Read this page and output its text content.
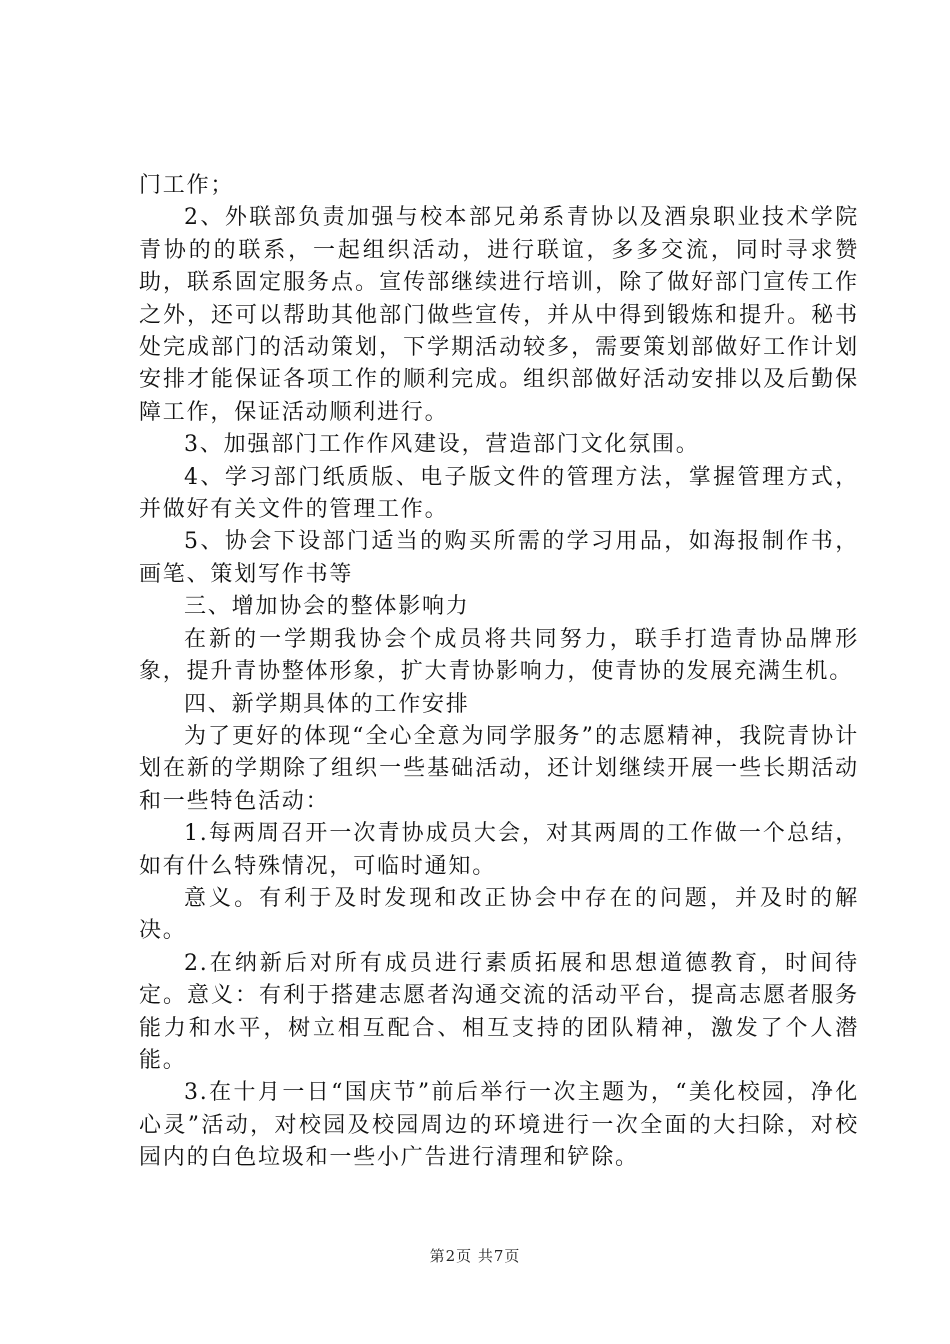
门工作；

2、外联部负责加强与校本部兄弟系青协以及酒泉职业技术学院青协的的联系，一起组织活动，进行联谊，多多交流，同时寻求赞助，联系固定服务点。宣传部继续进行培训，除了做好部门宣传工作之外，还可以帮助其他部门做些宣传，并从中得到锻炼和提升。秘书处完成部门的活动策划，下学期活动较多，需要策划部做好工作计划安排才能保证各项工作的顺利完成。组织部做好活动安排以及后勤保障工作，保证活动顺利进行。

3、加强部门工作作风建设，营造部门文化氛围。

4、学习部门纸质版、电子版文件的管理方法，掌握管理方式，并做好有关文件的管理工作。

5、协会下设部门适当的购买所需的学习用品，如海报制作书，画笔、策划写作书等

三、增加协会的整体影响力

在新的一学期我协会个成员将共同努力，联手打造青协品牌形象，提升青协整体形象，扩大青协影响力，使青协的发展充满生机。

四、新学期具体的工作安排

为了更好的体现“全心全意为同学服务”的志愿精神，我院青协计划在新的学期除了组织一些基础活动，还计划继续开展一些长期活动和一些特色活动：

1.每两周召开一次青协成员大会，对其两周的工作做一个总结，如有什么特殊情况，可临时通知。

意义。有利于及时发现和改正协会中存在的问题，并及时的解决。

2.在纳新后对所有成员进行素质拓展和思想道德教育，时间待定。意义：有利于搭建志愿者沟通交流的活动平台，提高志愿者服务能力和水平，树立相互配合、相互支持的团队精神，激发了个人潜能。

3.在十月一日“国庆节”前后举行一次主题为，“美化校园，净化心灵”活动，对校园及校园周边的环境进行一次全面的大扫除，对校园内的白色垃圾和一些小广告进行清理和铲除。

第2页 共7页
